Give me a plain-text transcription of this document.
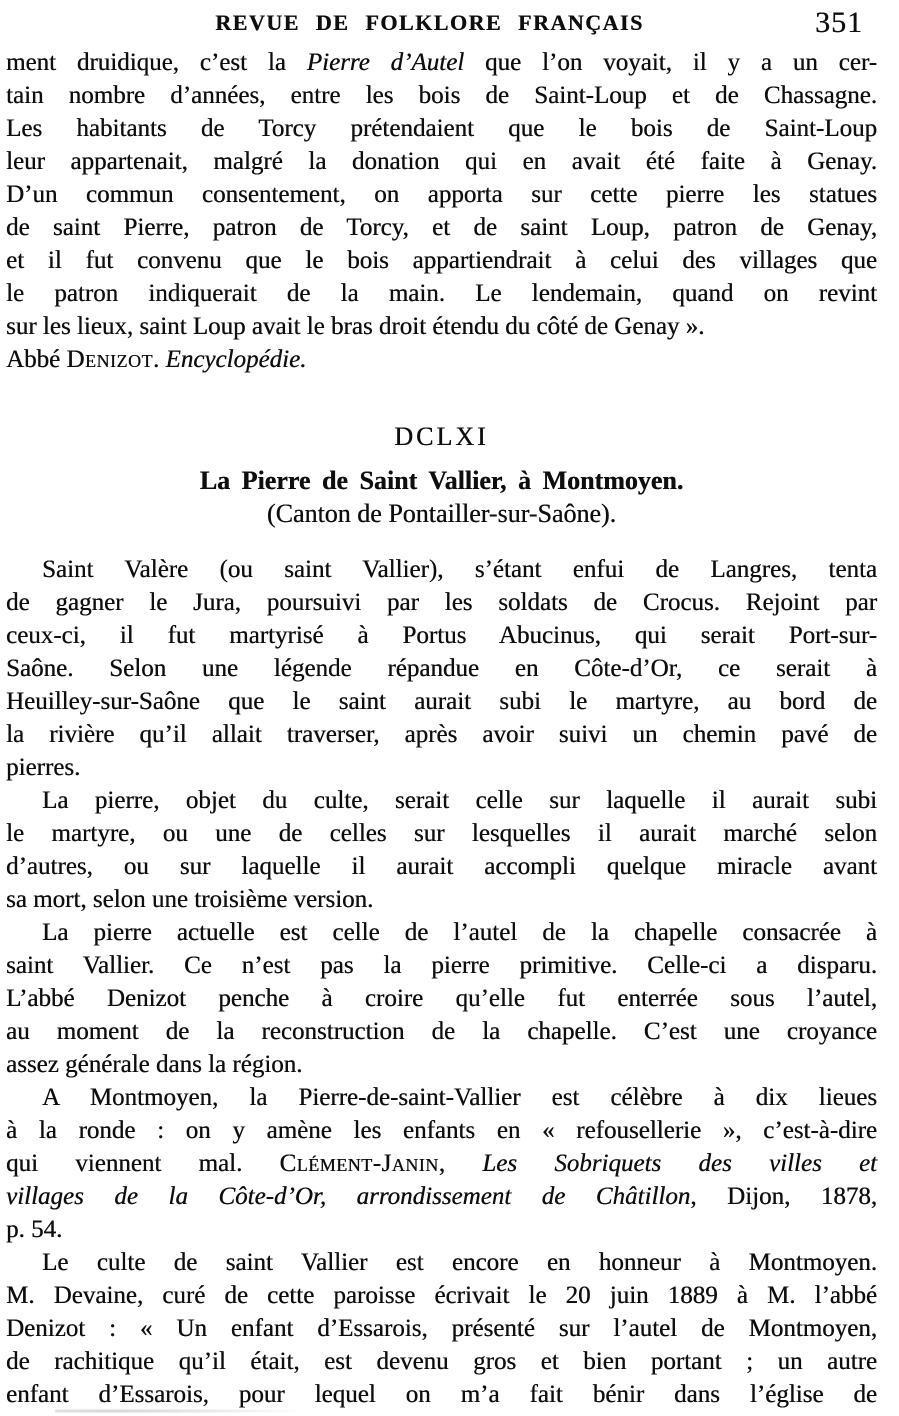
REVUE DE FOLKLORE FRANÇAIS	351
ment druidique, c’est la Pierre d’Autel que l’on voyait, il y a un cer-
tain nombre d’années, entre les bois de Saint-Loup et de Chassagne.
Les habitants de Torcy prétendaient que le bois de Saint-Loup
leur appartenait, malgré la donation qui en avait été faite à Genay.
D’un commun consentement, on apporta sur cette pierre les statues
de saint Pierre, patron de Torcy, et de saint Loup, patron de Genay,
et il fut convenu que le bois appartiendrait à celui des villages que
le patron indiquerait de la main. Le lendemain, quand on revint
sur les lieux, saint Loup avait le bras droit étendu du côté de Genay ».
Abbé Denizot. Encyclopédie.
DCLXI
La Pierre de Saint Vallier, à Montmoyen.
(Canton de Pontailler-sur-Saône).
Saint Valère (ou saint Vallier), s’étant enfui de Langres, tenta
de gagner le Jura, poursuivi par les soldats de Crocus. Rejoint par
ceux-ci, il fut martyrisé à Portus Abucinus, qui serait Port-sur-
Saône. Selon une légende répandue en Côte-d’Or, ce serait à
Heuilley-sur-Saône que le saint aurait subi le martyre, au bord de
la rivière qu’il allait traverser, après avoir suivi un chemin pavé de
pierres.
La pierre, objet du culte, serait celle sur laquelle il aurait subi
le martyre, ou une de celles sur lesquelles il aurait marché selon
d’autres, ou sur laquelle il aurait accompli quelque miracle avant
sa mort, selon une troisième version.
La pierre actuelle est celle de l’autel de la chapelle consacrée à
saint Vallier. Ce n’est pas la pierre primitive. Celle-ci a disparu.
L’abbé Denizot penche à croire qu’elle fut enterrée sous l’autel,
au moment de la reconstruction de la chapelle. C’est une croyance
assez générale dans la région.
A Montmoyen, la Pierre-de-saint-Vallier est célèbre à dix lieues
à la ronde : on y amène les enfants en « refousellerie », c’est-à-dire
qui viennent mal. Clément-Janin, Les Sobriquets des villes et
villages de la Côte-d’Or, arrondissement de Châtillon, Dijon, 1878,
p. 54.
Le culte de saint Vallier est encore en honneur à Montmoyen.
M. Devaine, curé de cette paroisse écrivait le 20 juin 1889 à M. l’abbé
Denizot : « Un enfant d’Essarois, présenté sur l’autel de Montmoyen,
de rachitique qu’il était, est devenu gros et bien portant ; un autre
enfant d’Essarois, pour lequel on m’a fait bénir dans l’église de
